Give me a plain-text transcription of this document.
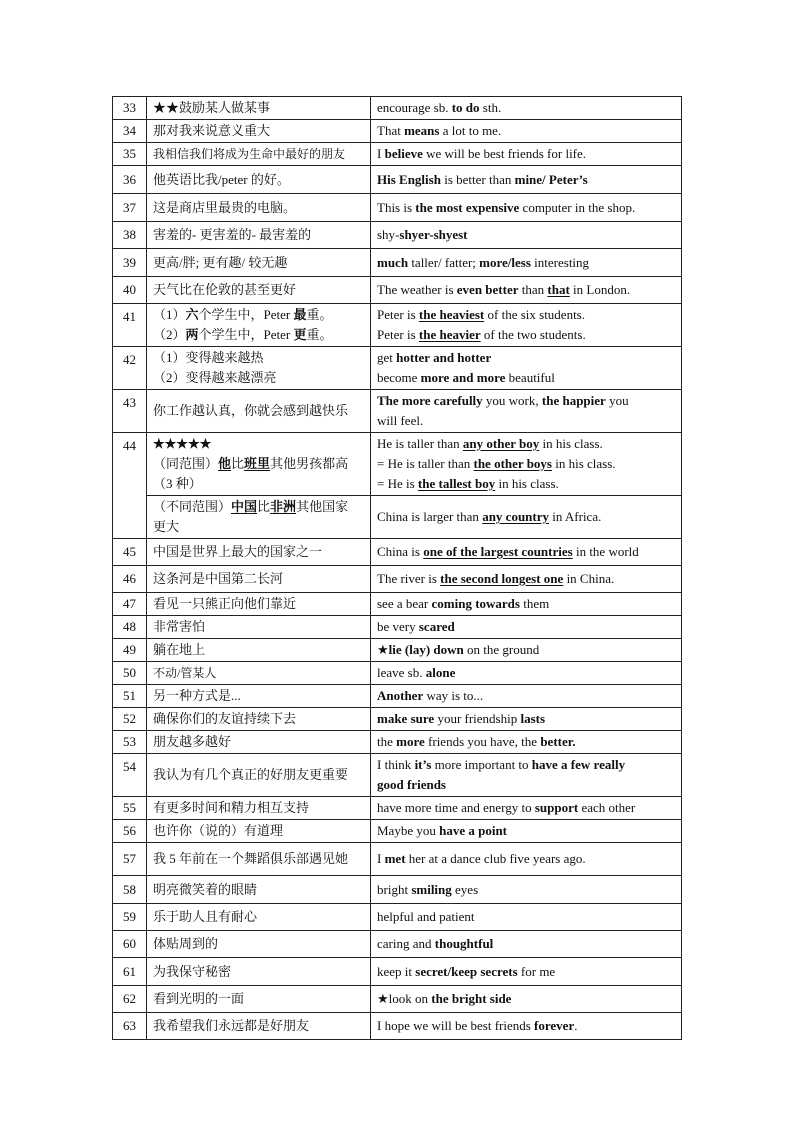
33	★★鼓励某人做某事	encourage sb. to do sth.

34	那对我来说意义重大	That means a lot to me.

35	我相信我们将成为生命中最好的朋友	I believe we will be best friends for life.

36	他英语比我/peter 的好。	His English is better than mine/ Peter’s

37	这是商店里最贵的电脑。	This is the most expensive computer in the shop.

38	害羞的- 更害羞的- 最害羞的	shy-shyer-shyest

39	更高/胖; 更有趣/ 较无趣	much taller/ fatter; more/less interesting

40	天气比在伦敦的甚至更好	The weather is even better than that in London.

41	（1）六个学生中，Peter 最重。
（2）两个学生中，Peter 更重。	Peter is the heaviest of the six students.
Peter is the heavier of the two students.

42	（1）变得越来越热
（2）变得越来越漂亮	get hotter and hotter
become more and more beautiful

43	你工作越认真，你就会感到越快乐	The more carefully you work, the happier you
will feel.

44	★★★★★
（同范围）他比班里其他男孩都高
（3 种）	He is taller than any other boy in his class.
= He is taller than the other boys in his class.
= He is the tallest boy in his class.

	（不同范围）中国比非洲其他国家
更大	China is larger than any country in Africa.

45	中国是世界上最大的国家之一	China is one of the largest countries in the world

46	这条河是中国第二长河	The river is the second longest one in China.

47	看见一只熊正向他们靠近	see a bear coming towards them

48	非常害怕	be very scared

49	躺在地上	★lie (lay) down on the ground

50	不动/管某人	leave sb. alone

51	另一种方式是...	Another way is to...

52	确保你们的友谊持续下去	make sure your friendship lasts

53	朋友越多越好	the more friends you have, the better.

54	我认为有几个真正的好朋友更重要	I think it’s more important to have a few really
good friends

55	有更多时间和精力相互支持	have more time and energy to support each other

56	也许你（说的）有道理	Maybe you have a point

57	我 5 年前在一个舞蹈俱乐部遇见她	I met her at a dance club five years ago.

58	明亮微笑着的眼睛	bright smiling eyes

59	乐于助人且有耐心	helpful and patient

60	体贴周到的	caring and thoughtful

61	为我保守秘密	keep it secret/keep secrets for me

62	看到光明的一面	★look on the bright side

63	我希望我们永远都是好朋友	I hope we will be best friends forever.
